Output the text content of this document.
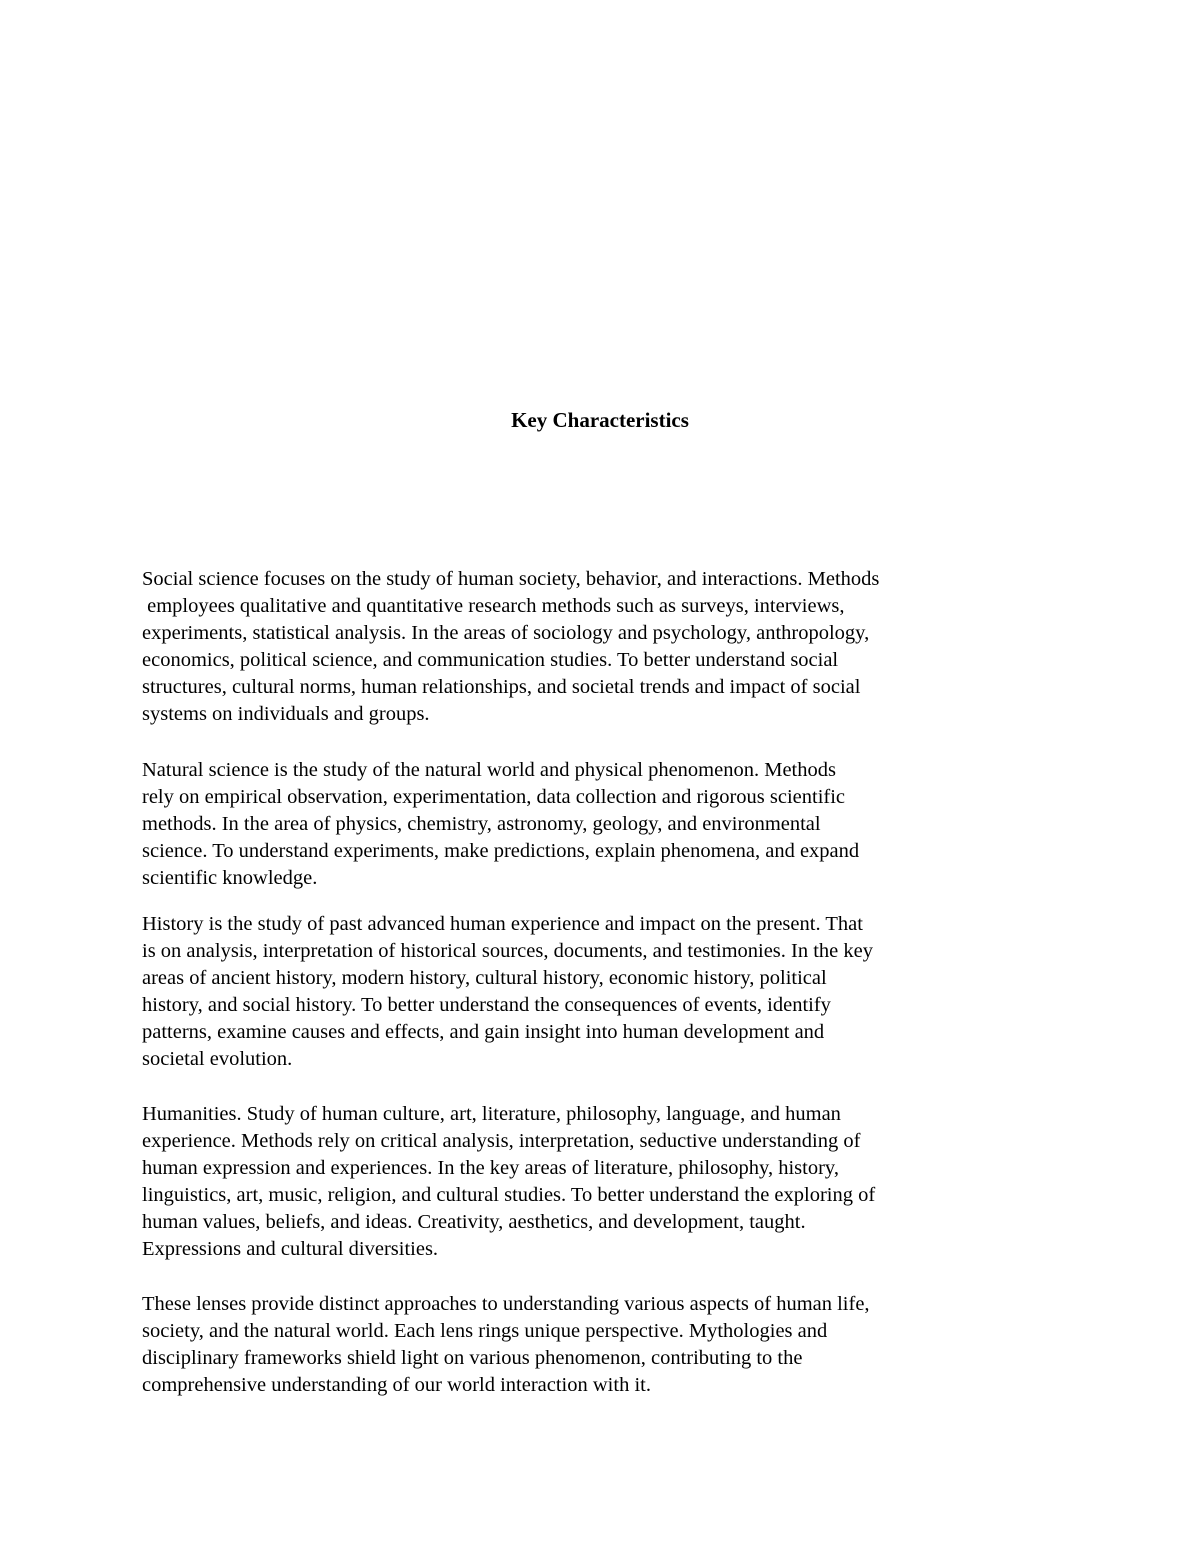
Key Characteristics

Social science focuses on the study of human society, behavior, and interactions. Methods
employees qualitative and quantitative research methods such as surveys, interviews,
experiments, statistical analysis. In the areas of sociology and psychology, anthropology,
economics, political science, and communication studies. To better understand social
structures, cultural norms, human relationships, and societal trends and impact of social
systems on individuals and groups.

Natural science is the study of the natural world and physical phenomenon. Methods
rely on empirical observation, experimentation, data collection and rigorous scientific
methods. In the area of physics, chemistry, astronomy, geology, and environmental
science. To understand experiments, make predictions, explain phenomena, and expand
scientific knowledge.

History is the study of past advanced human experience and impact on the present. That
is on analysis, interpretation of historical sources, documents, and testimonies. In the key
areas of ancient history, modern history, cultural history, economic history, political
history, and social history. To better understand the consequences of events, identify
patterns, examine causes and effects, and gain insight into human development and
societal evolution.

Humanities. Study of human culture, art, literature, philosophy, language, and human
experience. Methods rely on critical analysis, interpretation, seductive understanding of
human expression and experiences. In the key areas of literature, philosophy, history,
linguistics, art, music, religion, and cultural studies. To better understand the exploring of
human values, beliefs, and ideas. Creativity, aesthetics, and development, taught.
Expressions and cultural diversities.

These lenses provide distinct approaches to understanding various aspects of human life,
society, and the natural world. Each lens rings unique perspective. Mythologies and
disciplinary frameworks shield light on various phenomenon, contributing to the
comprehensive understanding of our world interaction with it.
